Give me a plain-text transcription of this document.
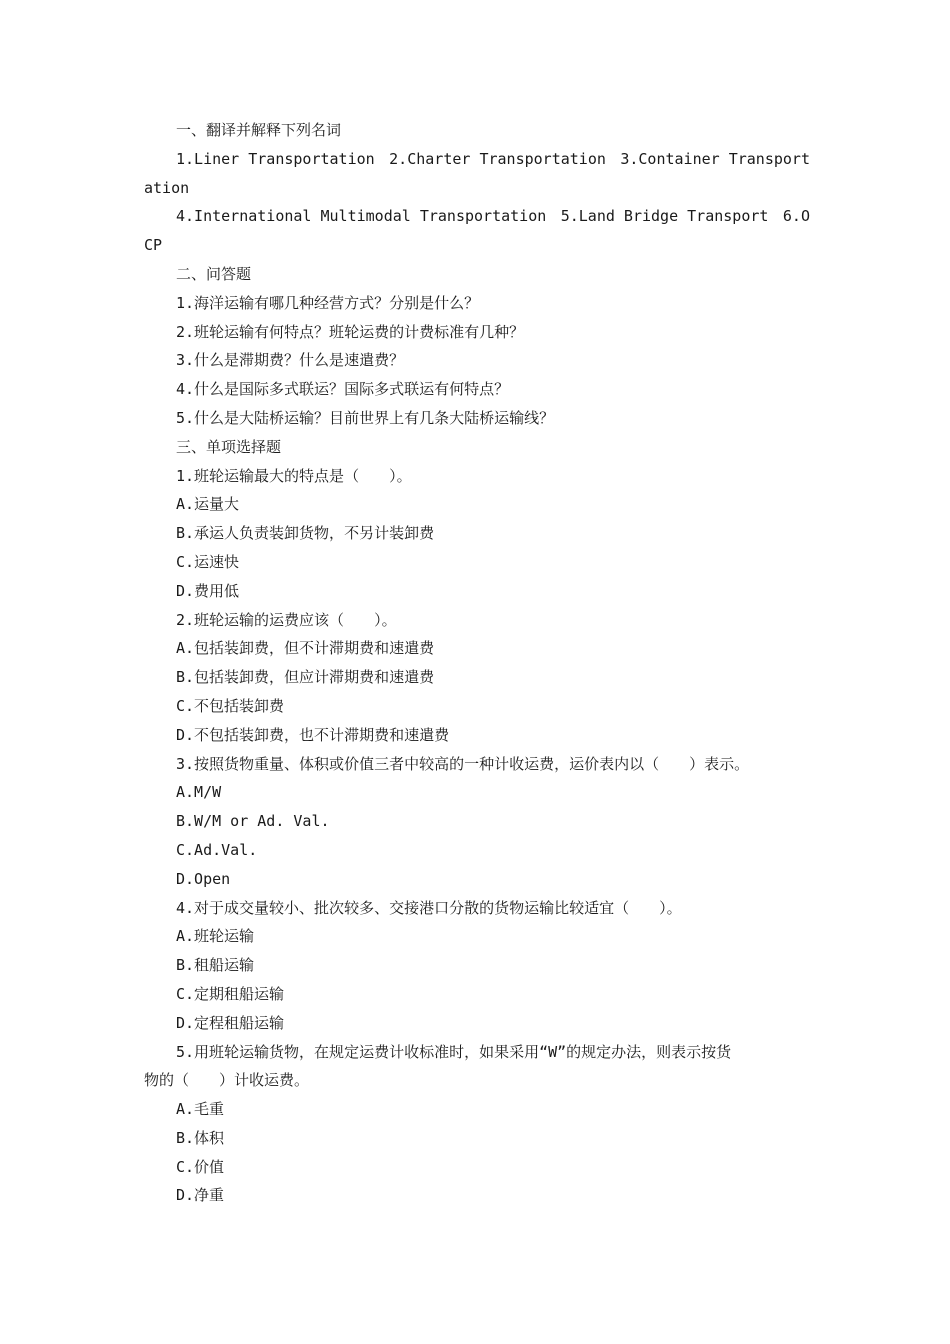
一、翻译并解释下列名词
1.Liner Transportation 2.Charter Transportation 3.Container Transport
ation
4.International Multimodal Transportation 5.Land Bridge Transport 6.O
CP
二、问答题
1.海洋运输有哪几种经营方式？分别是什么？
2.班轮运输有何特点？班轮运费的计费标准有几种？
3.什么是滞期费？什么是速遣费？
4.什么是国际多式联运？国际多式联运有何特点？
5.什么是大陆桥运输？目前世界上有几条大陆桥运输线？
三、单项选择题
1.班轮运输最大的特点是（　　）。
A.运量大
B.承运人负责装卸货物，不另计装卸费
C.运速快
D.费用低
2.班轮运输的运费应该（　　）。
A.包括装卸费，但不计滞期费和速遣费
B.包括装卸费，但应计滞期费和速遣费
C.不包括装卸费
D.不包括装卸费，也不计滞期费和速遣费
3.按照货物重量、体积或价值三者中较高的一种计收运费，运价表内以（　　）表示。
A.M/W
B.W/M or Ad. Val.
C.Ad.Val.
D.Open
4.对于成交量较小、批次较多、交接港口分散的货物运输比较适宜（　　）。
A.班轮运输
B.租船运输
C.定期租船运输
D.定程租船运输
5.用班轮运输货物，在规定运费计收标准时，如果采用“W”的规定办法，则表示按货
物的（　　）计收运费。
A.毛重
B.体积
C.价值
D.净重
